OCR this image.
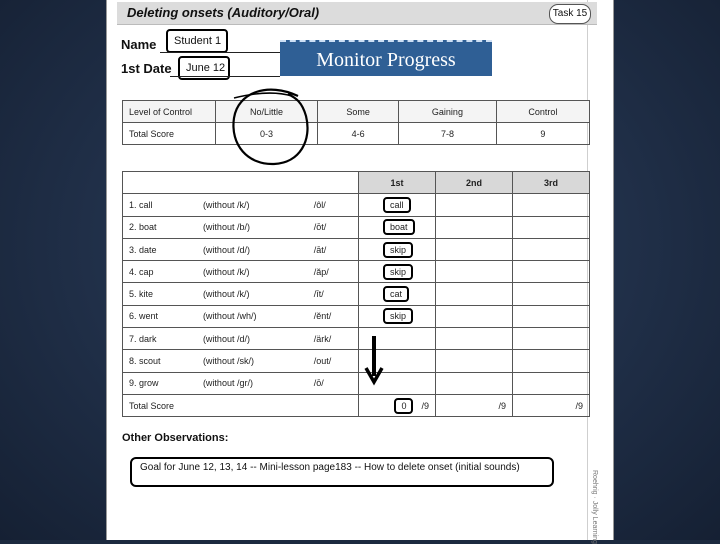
Deleting onsets (Auditory/Oral)	Task 15
Name	Student 1
1st Date	June 12	Monitor Progress
Level of Control	No/Little	Some	Gaining	Control
Total Score	0-3	4-6	7-8	9
			1st	2nd	3rd
1. call	(without /k/)	/ôl/	call		
2. boat	(without /b/)	/ōt/	boat		
3. date	(without /d/)	/āt/	skip		
4. cap	(without /k/)	/ăp/	skip		
5. kite	(without /k/)	/īt/	cat		
6. went	(without /wh/)	/ĕnt/	skip		
7. dark	(without /d/)	/ärk/			
8. scout	(without /sk/)	/out/			
9. grow	(without /gr/)	/ō/			
Total Score			0 /9	/9	/9
Other Observations:
Goal for June 12, 13, 14 -- Mini-lesson page183 -- How to delete onset (initial sounds)
Roehrig · Jolly Learning
